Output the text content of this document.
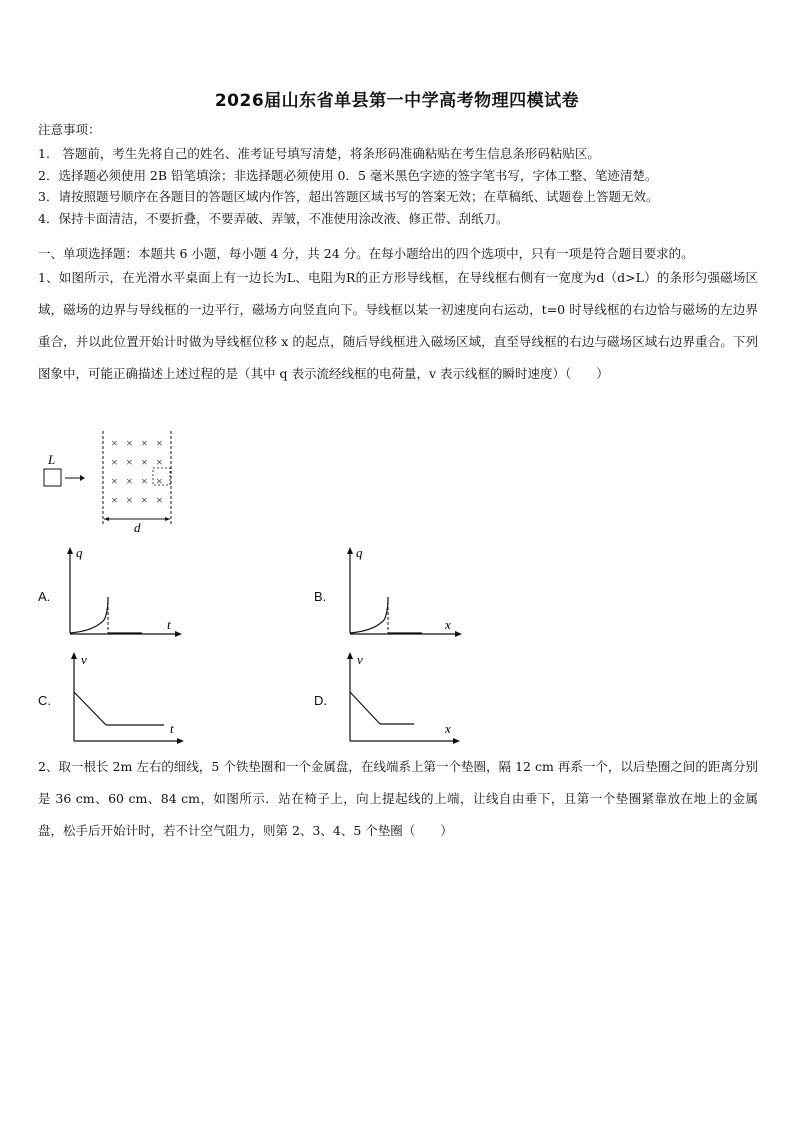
2026届山东省单县第一中学高考物理四模试卷
注意事项：
1.　答题前，考生先将自己的姓名、准考证号填写清楚，将条形码准确粘贴在考生信息条形码粘贴区。
2．选择题必须使用 2B 铅笔填涂；非选择题必须使用 0．5 毫米黑色字迹的签字笔书写，字体工整、笔迹清楚。
3．请按照题号顺序在各题目的答题区域内作答，超出答题区域书写的答案无效；在草稿纸、试题卷上答题无效。
4．保持卡面清洁，不要折叠，不要弄破、弄皱，不准使用涂改液、修正带、刮纸刀。
一、单项选择题：本题共 6 小题，每小题 4 分，共 24 分。在每小题给出的四个选项中，只有一项是符合题目要求的。

1、如图所示，在光滑水平桌面上有一边长为L、电阻为R的正方形导线框，在导线框右侧有一宽度为d（d>L）的条形匀强磁场区域，磁场的边界与导线框的一边平行，磁场方向竖直向下。导线框以某一初速度向右运动，t=0 时导线框的右边恰与磁场的左边界重合，并以此位置开始计时做为导线框位移 x 的起点，随后导线框进入磁场区域，直至导线框的右边与磁场区域右边界重合。下列图象中，可能正确描述上述过程的是（其中 q 表示流经线框的电荷量，v 表示线框的瞬时速度）（　　）

L
× × × ×
× × × ×
× × × ×
× × × ×
d
A.
q
t
B.
q
x
C.
v
t
D.
v
x

2、取一根长 2m 左右的细线，5 个铁垫圈和一个金属盘，在线端系上第一个垫圈，隔 12 cm 再系一个，以后垫圈之间的距离分别是 36 cm、60 cm、84 cm，如图所示．站在椅子上，向上提起线的上端，让线自由垂下，且第一个垫圈紧靠放在地上的金属盘，松手后开始计时，若不计空气阻力，则第 2、3、4、5 个垫圈（　　）
